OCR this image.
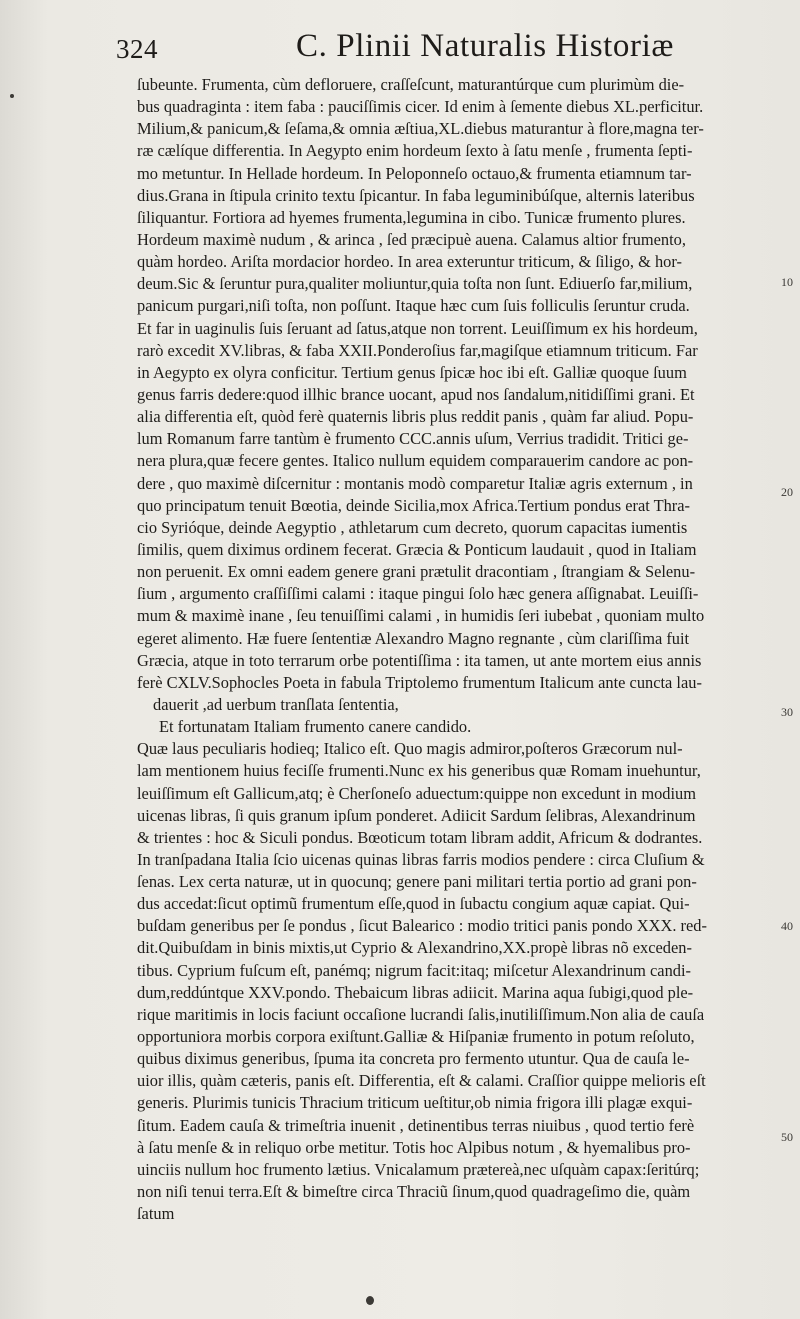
324	C. Plinii Naturalis Historiæ
ſubeunte. Frumenta, cùm defloruere, craſſeſcunt, maturantúrque cum plurimùm die-
bus quadraginta : item faba : pauciſſimis cicer. Id enim à ſemente diebus XL.perficitur.
Milium,& panicum,& ſeſama,& omnia æſtiua,XL.diebus maturantur à flore,magna ter-
ræ cælíque differentia. In Aegypto enim hordeum ſexto à ſatu menſe , frumenta ſepti-
mo metuntur. In Hellade hordeum. In Peloponneſo octauo,& frumenta etiamnum tar-
dius.Grana in ſtipula crinito textu ſpicantur. In faba leguminibúſque, alternis lateribus
ſiliquantur. Fortiora ad hyemes frumenta,legumina in cibo. Tunicæ frumento plures.
Hordeum maximè nudum , & arinca , ſed præcipuè auena. Calamus altior frumento,
quàm hordeo. Ariſta mordacior hordeo. In area exteruntur triticum, & ſiligo, & hor-
deum.Sic & ſeruntur pura,qualiter moliuntur,quia toſta non ſunt. Ediuerſo far,milium,
panicum purgari,niſi toſta, non poſſunt. Itaque hæc cum ſuis folliculis ſeruntur cruda.
Et far in uaginulis ſuis ſeruant ad ſatus,atque non torrent. Leuiſſimum ex his hordeum,
rarò excedit XV.libras, & faba XXII.Ponderoſius far,magiſque etiamnum triticum. Far
in Aegypto ex olyra conficitur. Tertium genus ſpicæ hoc ibi eſt. Galliæ quoque ſuum
genus farris dedere:quod illhic brance uocant, apud nos ſandalum,nitidiſſimi grani. Et
alia differentia eſt, quòd ferè quaternis libris plus reddit panis , quàm far aliud. Popu-
lum Romanum farre tantùm è frumento CCC.annis uſum, Verrius tradidit. Tritici ge-
nera plura,quæ fecere gentes. Italico nullum equidem comparauerim candore ac pon-
dere , quo maximè diſcernitur : montanis modò comparetur Italiæ agris externum , in
quo principatum tenuit Bœotia, deinde Sicilia,mox Africa.Tertium pondus erat Thra-
cio Syrióque, deinde Aegyptio , athletarum cum decreto, quorum capacitas iumentis
ſimilis, quem diximus ordinem fecerat. Græcia & Ponticum laudauit , quod in Italiam
non peruenit. Ex omni eadem genere grani prætulit dracontiam , ſtrangiam & Selenu-
ſium , argumento craſſiſſimi calami : itaque pingui ſolo hæc genera aſſignabat. Leuiſſi-
mum & maximè inane , ſeu tenuiſſimi calami , in humidis ſeri iubebat , quoniam multo
egeret alimento. Hæ fuere ſententiæ Alexandro Magno regnante , cùm clariſſima fuit
Græcia, atque in toto terrarum orbe potentiſſima : ita tamen, ut ante mortem eius annis
ferè CXLV.Sophocles Poeta in fabula Triptolemo frumentum Italicum ante cuncta lau-
dauerit ,ad uerbum tranſlata ſententia,
Et fortunatam Italiam frumento canere candido.
Quæ laus peculiaris hodieq; Italico eſt. Quo magis admiror,poſteros Græcorum nul-
lam mentionem huius feciſſe frumenti.Nunc ex his generibus quæ Romam inuehuntur,
leuiſſimum eſt Gallicum,atq; è Cherſoneſo aduectum:quippe non excedunt in modium
uicenas libras, ſi quis granum ipſum ponderet. Adiicit Sardum ſelibras, Alexandrinum
& trientes : hoc & Siculi pondus. Bœoticum totam libram addit, Africum & dodrantes.
In tranſpadana Italia ſcio uicenas quinas libras farris modios pendere : circa Cluſium &
ſenas. Lex certa naturæ, ut in quocunq; genere pani militari tertia portio ad grani pon-
dus accedat:ſicut optimũ frumentum eſſe,quod in ſubactu congium aquæ capiat. Qui-
buſdam generibus per ſe pondus , ſicut Balearico : modio tritici panis pondo XXX. red-
dit.Quibuſdam in binis mixtis,ut Cyprio & Alexandrino,XX.propè libras nõ exceden-
tibus. Cyprium fuſcum eſt, panémq; nigrum facit:itaq; miſcetur Alexandrinum candi-
dum,reddúntque XXV.pondo. Thebaicum libras adiicit. Marina aqua ſubigi,quod ple-
rique maritimis in locis faciunt occaſione lucrandi ſalis,inutiliſſimum.Non alia de cauſa
opportuniora morbis corpora exiſtunt.Galliæ & Hiſpaniæ frumento in potum reſoluto,
quibus diximus generibus, ſpuma ita concreta pro fermento utuntur. Qua de cauſa le-
uior illis, quàm cæteris, panis eſt. Differentia, eſt & calami. Craſſior quippe melioris eſt
generis. Plurimis tunicis Thracium triticum ueſtitur,ob nimia frigora illi plagæ exqui-
ſitum. Eadem cauſa & trimeſtria inuenit , detinentibus terras niuibus , quod tertio ferè
à ſatu menſe & in reliquo orbe metitur. Totis hoc Alpibus notum , & hyemalibus pro-
uinciis nullum hoc frumento lætius. Vnicalamum prætereà,nec uſquàm capax:ſeritúrq;
non niſi tenui terra.Eſt & bimeſtre circa Thraciũ ſinum,quod quadrageſimo die, quàm
ſatum
10
20
30
40
50
